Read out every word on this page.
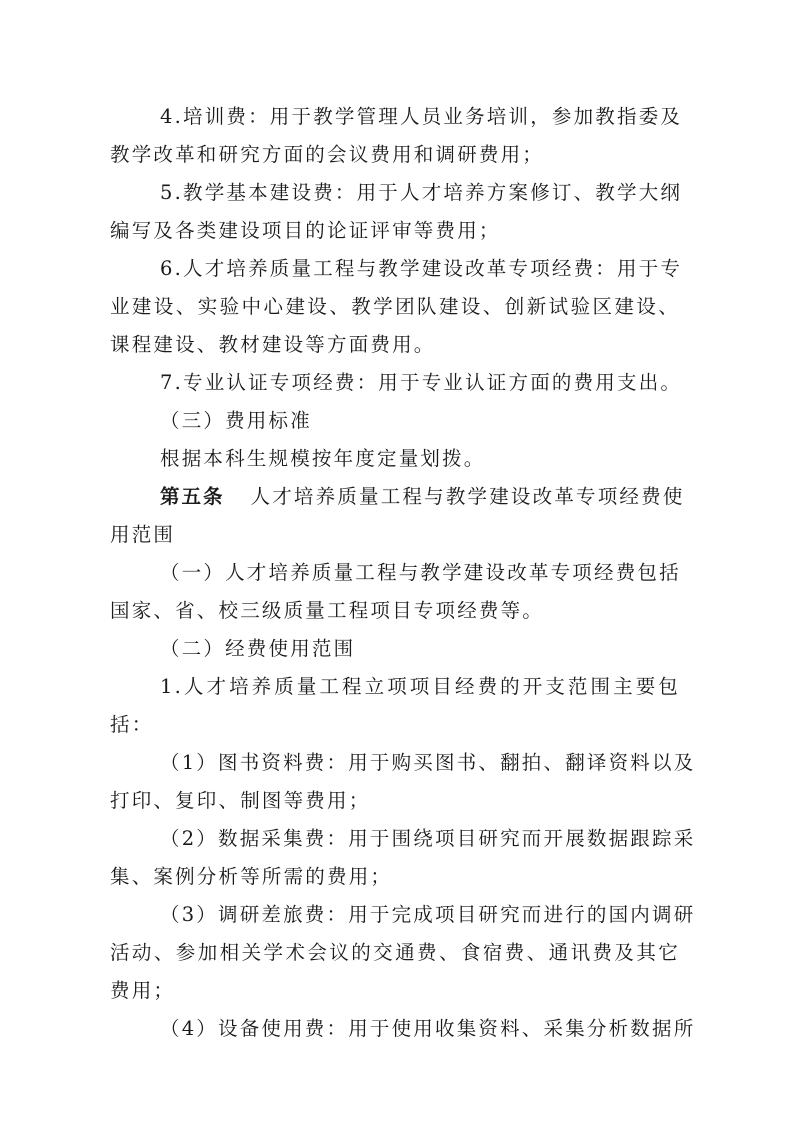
4.培训费：用于教学管理人员业务培训，参加教指委及
教学改革和研究方面的会议费用和调研费用；
5.教学基本建设费：用于人才培养方案修订、教学大纲
编写及各类建设项目的论证评审等费用；
6.人才培养质量工程与教学建设改革专项经费：用于专
业建设、实验中心建设、教学团队建设、创新试验区建设、
课程建设、教材建设等方面费用。
7.专业认证专项经费：用于专业认证方面的费用支出。
（三）费用标准
根据本科生规模按年度定量划拨。
第五条 人才培养质量工程与教学建设改革专项经费使
用范围
（一）人才培养质量工程与教学建设改革专项经费包括
国家、省、校三级质量工程项目专项经费等。
（二）经费使用范围
1.人才培养质量工程立项项目经费的开支范围主要包
括：
（1）图书资料费：用于购买图书、翻拍、翻译资料以及
打印、复印、制图等费用；
（2）数据采集费：用于围绕项目研究而开展数据跟踪采
集、案例分析等所需的费用；
（3）调研差旅费：用于完成项目研究而进行的国内调研
活动、参加相关学术会议的交通费、食宿费、通讯费及其它
费用；
（4）设备使用费：用于使用收集资料、采集分析数据所
